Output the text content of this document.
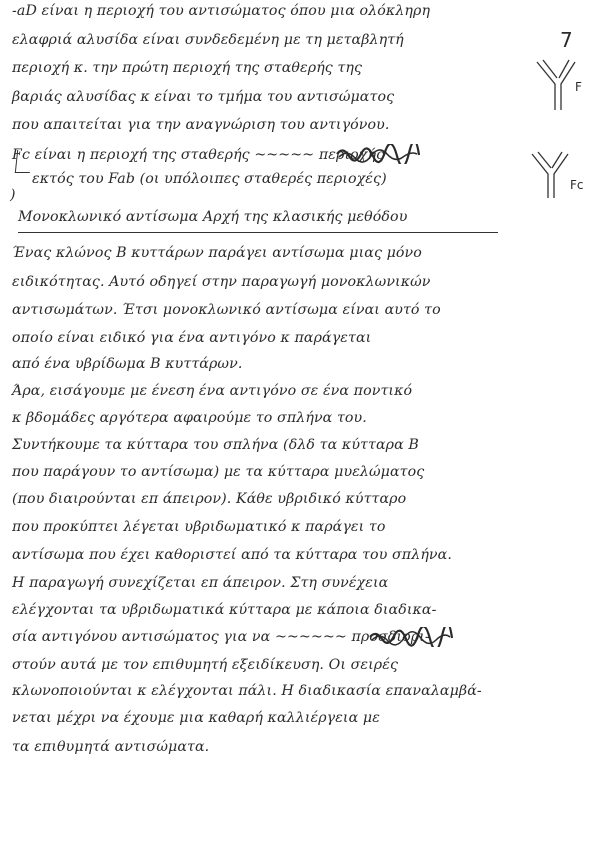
7
-aD είναι η περιοχή του αντισώματος όπου μια ολόκληρη
ελαφριά αλυσίδα είναι συνδεδεμένη με τη μεταβλητή
περιοχή κ. την πρώτη περιοχή της σταθερής της
βαριάς αλυσίδας κ είναι το τμήμα του αντισώματος
που απαιτείται για την αναγνώριση του αντιγόνου.
Fc είναι η περιοχή της σταθερής ~~~~~ περιοχής
εκτός του Fab (οι υπόλοιπες σταθερές περιοχές)
Μονοκλωνικό αντίσωμα Αρχή της κλασικής μεθόδου
Ένας κλώνος Β κυττάρων παράγει αντίσωμα μιας μόνο
ειδικότητας. Αυτό οδηγεί στην παραγωγή μονοκλωνικών
αντισωμάτων. Έτσι μονοκλωνικό αντίσωμα είναι αυτό το
οποίο είναι ειδικό για ένα αντιγόνο κ παράγεται
από ένα υβρίδωμα Β κυττάρων.
Άρα, εισάγουμε με ένεση ένα αντιγόνο σε ένα ποντικό
κ βδομάδες αργότερα αφαιρούμε το σπλήνα του.
Συντήκουμε τα κύτταρα του σπλήνα (δλδ τα κύτταρα Β
που παράγουν το αντίσωμα) με τα κύτταρα μυελώματος
(που διαιρούνται επ άπειρον). Κάθε υβριδικό κύτταρο
που προκύπτει λέγεται υβριδωματικό κ παράγει το
αντίσωμα που έχει καθοριστεί από τα κύτταρα του σπλήνα.
Η παραγωγή συνεχίζεται επ άπειρον. Στη συνέχεια
ελέγχονται τα υβριδωματικά κύτταρα με κάποια διαδικα-
σία αντιγόνου αντισώματος για να ~~~~~~ προσδιορι-
στούν αυτά με τον επιθυμητή εξειδίκευση. Οι σειρές
κλωνοποιούνται κ ελέγχονται πάλι. Η διαδικασία επαναλαμβά-
νεται μέχρι να έχουμε μια καθαρή καλλιέργεια με
τα επιθυμητά αντισώματα.
F
Fc
)
